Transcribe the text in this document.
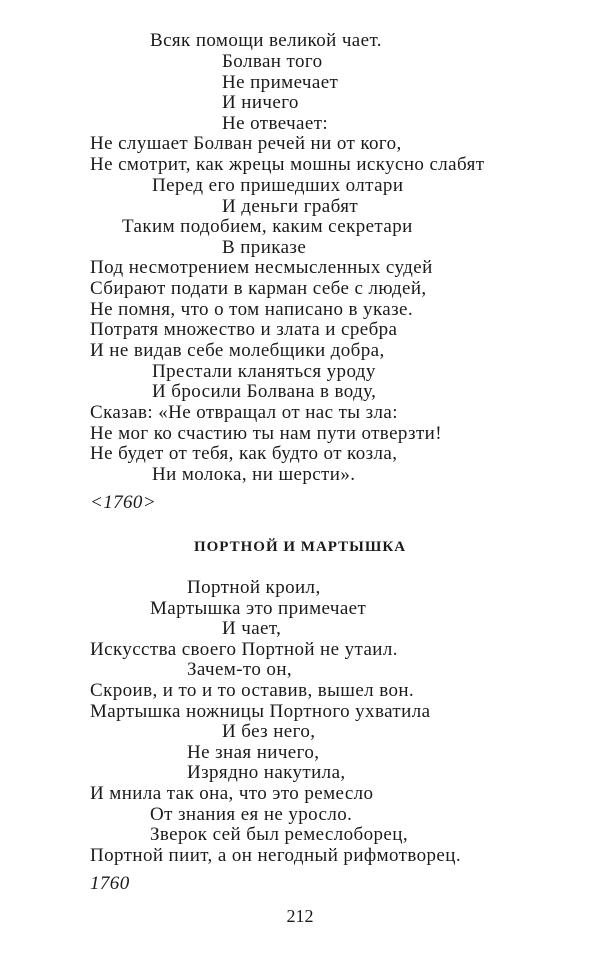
Всяк помощи великой чает.
Болван того
Не примечает
И ничего
Не отвечает:
Не слушает Болван речей ни от кого,
Не смотрит, как жрецы мошны искусно слабят
Перед его пришедших олтари
И деньги грабят
Таким подобием, каким секретари
В приказе
Под несмотрением несмысленных судей
Сбирают подати в карман себе с людей,
Не помня, что о том написано в указе.
Потратя множество и злата и сребра
И не видав себе молебщики добра,
Престали кланяться уроду
И бросили Болвана в воду,
Сказав: «Не отвращал от нас ты зла:
Не мог ко счастию ты нам пути отверзти!
Не будет от тебя, как будто от козла,
Ни молока, ни шерсти».
<1760>
ПОРТНОЙ И МАРТЫШКА
Портной кроил,
Мартышка это примечает
И чает,
Искусства своего Портной не утаил.
Зачем-то он,
Скроив, и то и то оставив, вышел вон.
Мартышка ножницы Портного ухватила
И без него,
Не зная ничего,
Изрядно накутила,
И мнила так она, что это ремесло
От знания ея не уросло.
Зверок сей был ремеслоборец,
Портной пиит, а он негодный рифмотворец.
1760
212
